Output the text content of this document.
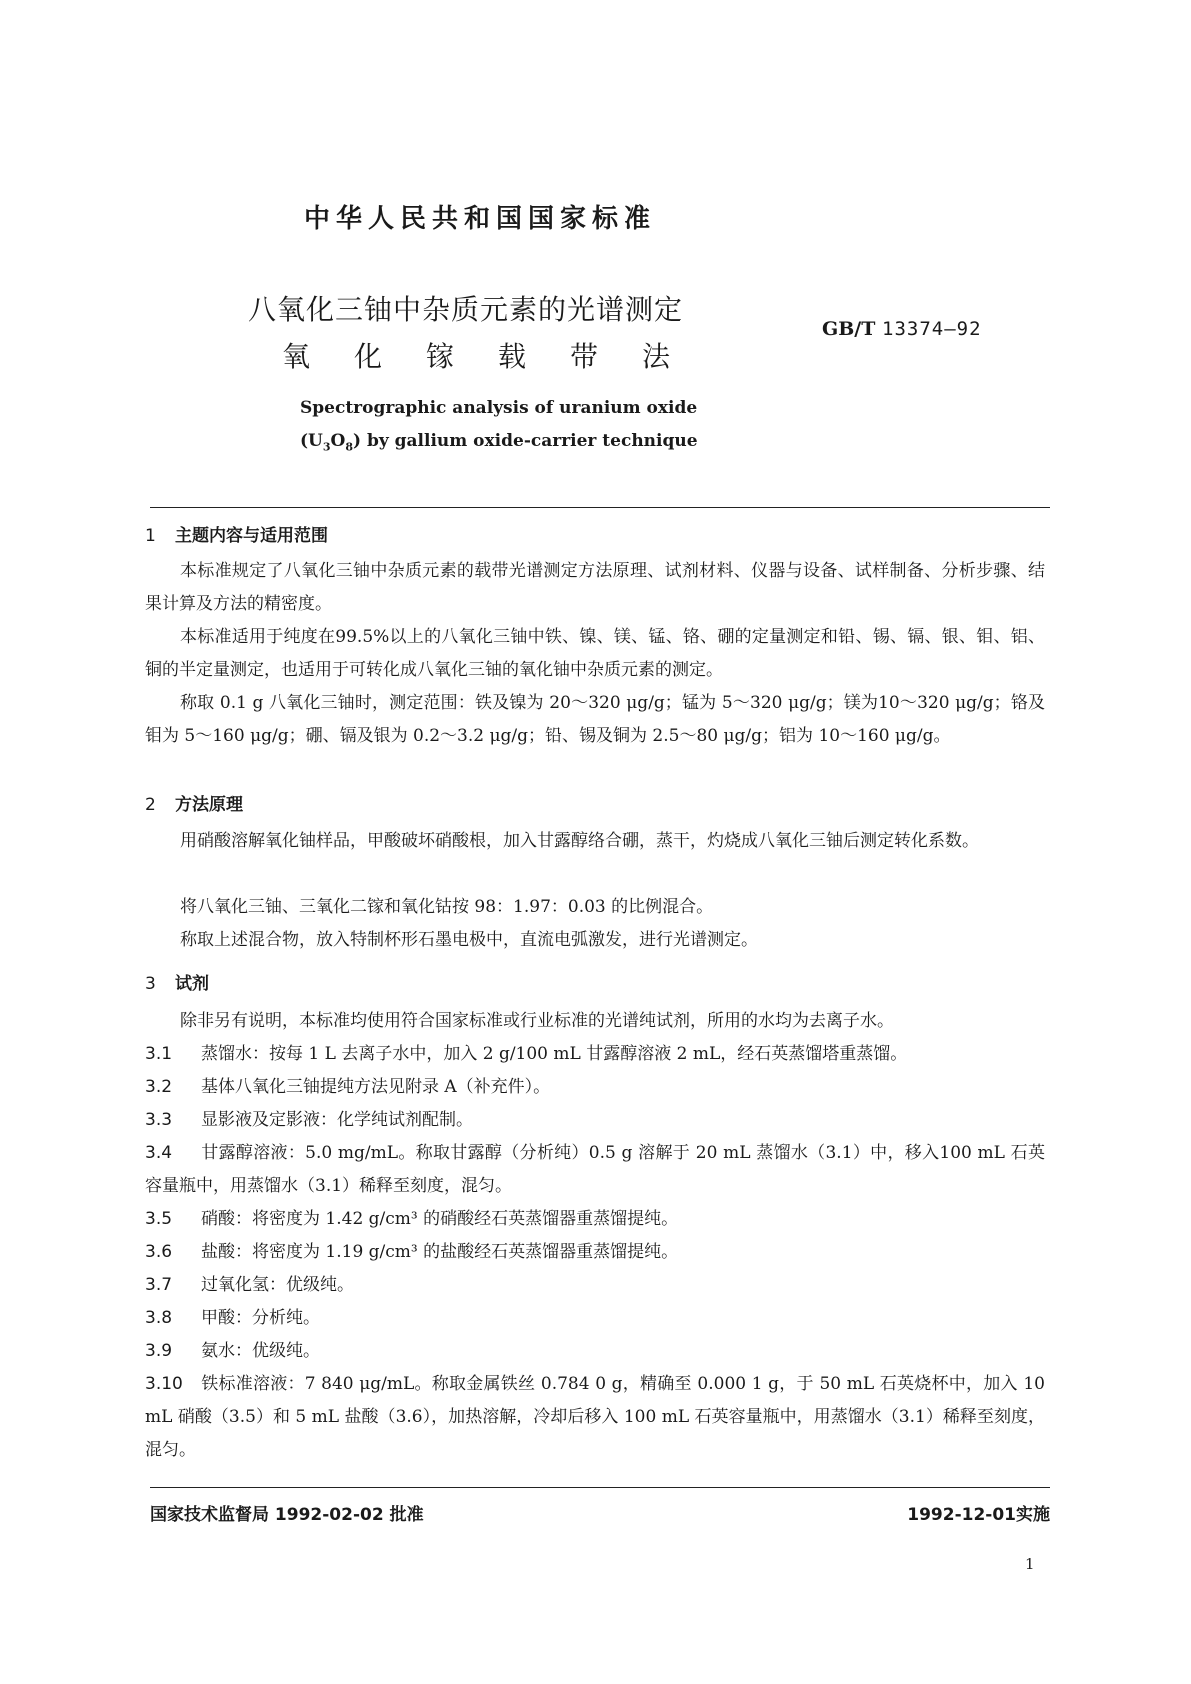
中华人民共和国国家标准
八氧化三铀中杂质元素的光谱测定
氧化镓载带法
GB/T 13374—92
Spectrographic analysis of uranium oxide
$(U_3O_8)$ by gallium oxide-carrier technique
1 主题内容与适用范围
本标准规定了八氧化三铀中杂质元素的载带光谱测定方法原理、试剂材料、仪器与设备、试样制备、分析步骤、结果计算及方法的精密度。
本标准适用于纯度在99.5%以上的八氧化三铀中铁、镍、镁、锰、铬、硼的定量测定和铅、锡、镉、银、钼、铝、铜的半定量测定，也适用于可转化成八氧化三铀的氧化铀中杂质元素的测定。
称取 0.1 g 八氧化三铀时，测定范围：铁及镍为 20～320 μg/g；锰为 5～320 μg/g；镁为10～320 μg/g；铬及钼为 5～160 μg/g；硼、镉及银为 0.2～3.2 μg/g；铅、锡及铜为 2.5～80 μg/g；铝为 10～160 μg/g。
2 方法原理
用硝酸溶解氧化铀样品，甲酸破坏硝酸根，加入甘露醇络合硼，蒸干，灼烧成八氧化三铀后测定转化系数。
将八氧化三铀、三氧化二镓和氧化钴按 98：1.97：0.03 的比例混合。
称取上述混合物，放入特制杯形石墨电极中，直流电弧激发，进行光谱测定。
3 试剂
除非另有说明，本标准均使用符合国家标准或行业标准的光谱纯试剂，所用的水均为去离子水。
3.1 蒸馏水：按每 1 L 去离子水中，加入 2 g/100 mL 甘露醇溶液 2 mL，经石英蒸馏塔重蒸馏。
3.2 基体八氧化三铀提纯方法见附录 A（补充件）。
3.3 显影液及定影液：化学纯试剂配制。
3.4 甘露醇溶液：5.0 mg/mL。称取甘露醇（分析纯）0.5 g 溶解于 20 mL 蒸馏水（3.1）中，移入100 mL 石英容量瓶中，用蒸馏水（3.1）稀释至刻度，混匀。
3.5 硝酸：将密度为 1.42 g/cm³ 的硝酸经石英蒸馏器重蒸馏提纯。
3.6 盐酸：将密度为 1.19 g/cm³ 的盐酸经石英蒸馏器重蒸馏提纯。
3.7 过氧化氢：优级纯。
3.8 甲酸：分析纯。
3.9 氨水：优级纯。
3.10 铁标准溶液：7 840 μg/mL。称取金属铁丝 0.784 0 g，精确至 0.000 1 g，于 50 mL 石英烧杯中，加入 10 mL 硝酸（3.5）和 5 mL 盐酸（3.6），加热溶解，冷却后移入 100 mL 石英容量瓶中，用蒸馏水（3.1）稀释至刻度，混匀。
国家技术监督局 1992-02-02 批准	1992-12-01实施
1
